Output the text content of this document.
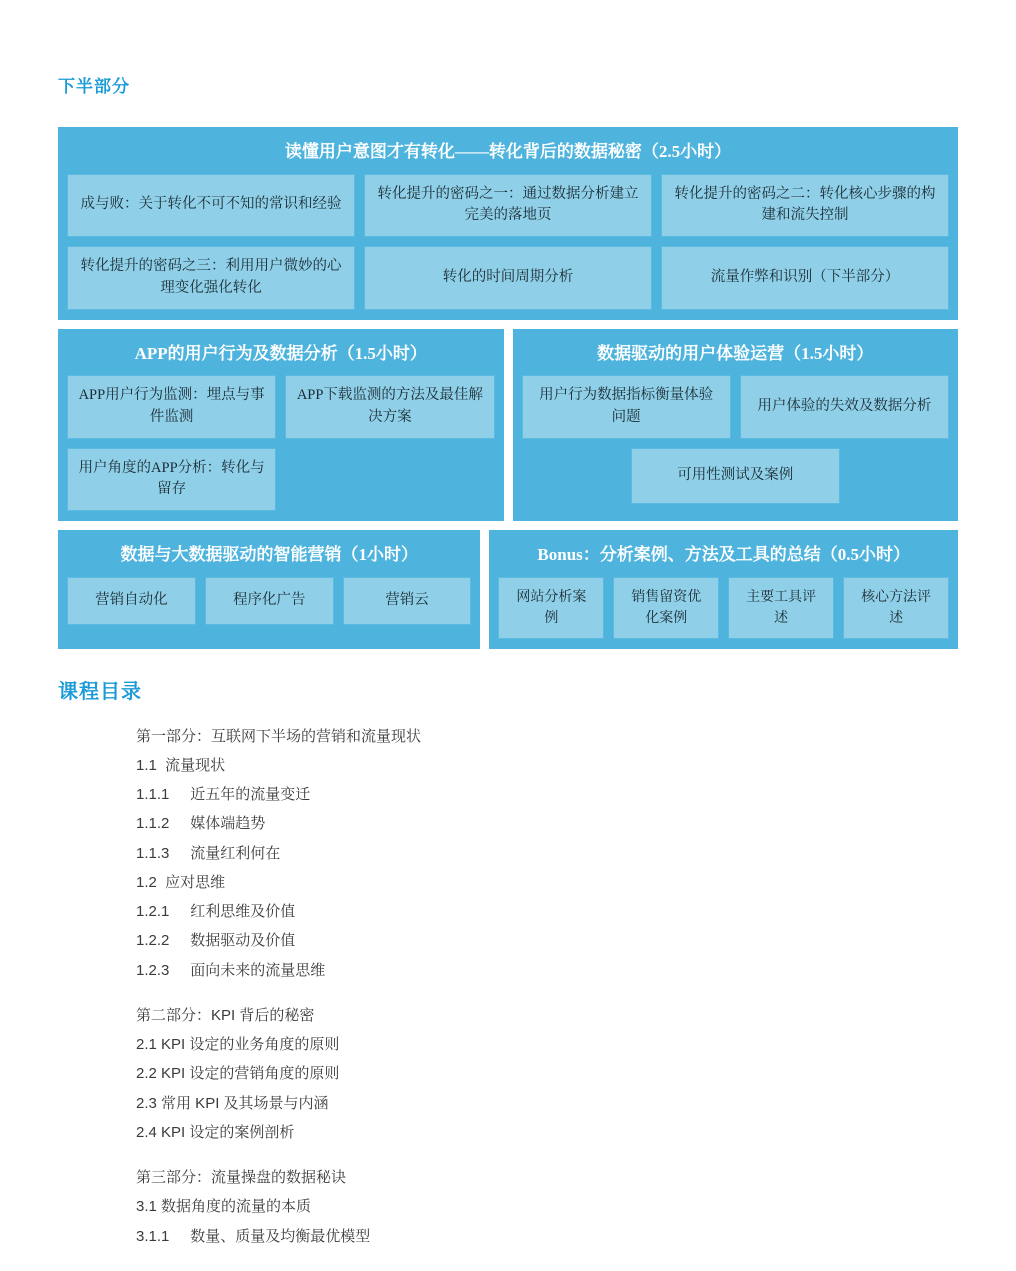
下半部分
读懂用户意图才有转化——转化背后的数据秘密（2.5小时）
成与败：关于转化不可不知的常识和经验
转化提升的密码之一：通过数据分析建立完美的落地页
转化提升的密码之二：转化核心步骤的构建和流失控制
转化提升的密码之三：利用用户微妙的心理变化强化转化
转化的时间周期分析	流量作弊和识别（下半部分）
APP的用户行为及数据分析（1.5小时）
APP用户行为监测：埋点与事件监测
APP下载监测的方法及最佳解决方案
用户角度的APP分析：转化与留存
数据驱动的用户体验运营（1.5小时）
用户行为数据指标衡量体验问题
用户体验的失效及数据分析
可用性测试及案例
数据与大数据驱动的智能营销（1小时）
营销自动化	程序化广告	营销云
Bonus：分析案例、方法及工具的总结（0.5小时）
网站分析案例
销售留资优化案例
主要工具评述
核心方法评述
课程目录
第一部分：互联网下半场的营销和流量现状
1.1  流量现状
1.1.1     近五年的流量变迁
1.1.2     媒体端趋势
1.1.3     流量红利何在
1.2  应对思维
1.2.1     红利思维及价值
1.2.2     数据驱动及价值
1.2.3     面向未来的流量思维
第二部分：KPI 背后的秘密
2.1 KPI 设定的业务角度的原则
2.2 KPI 设定的营销角度的原则
2.3 常用 KPI 及其场景与内涵
2.4 KPI 设定的案例剖析
第三部分：流量操盘的数据秘诀
3.1 数据角度的流量的本质
3.1.1     数量、质量及均衡最优模型
